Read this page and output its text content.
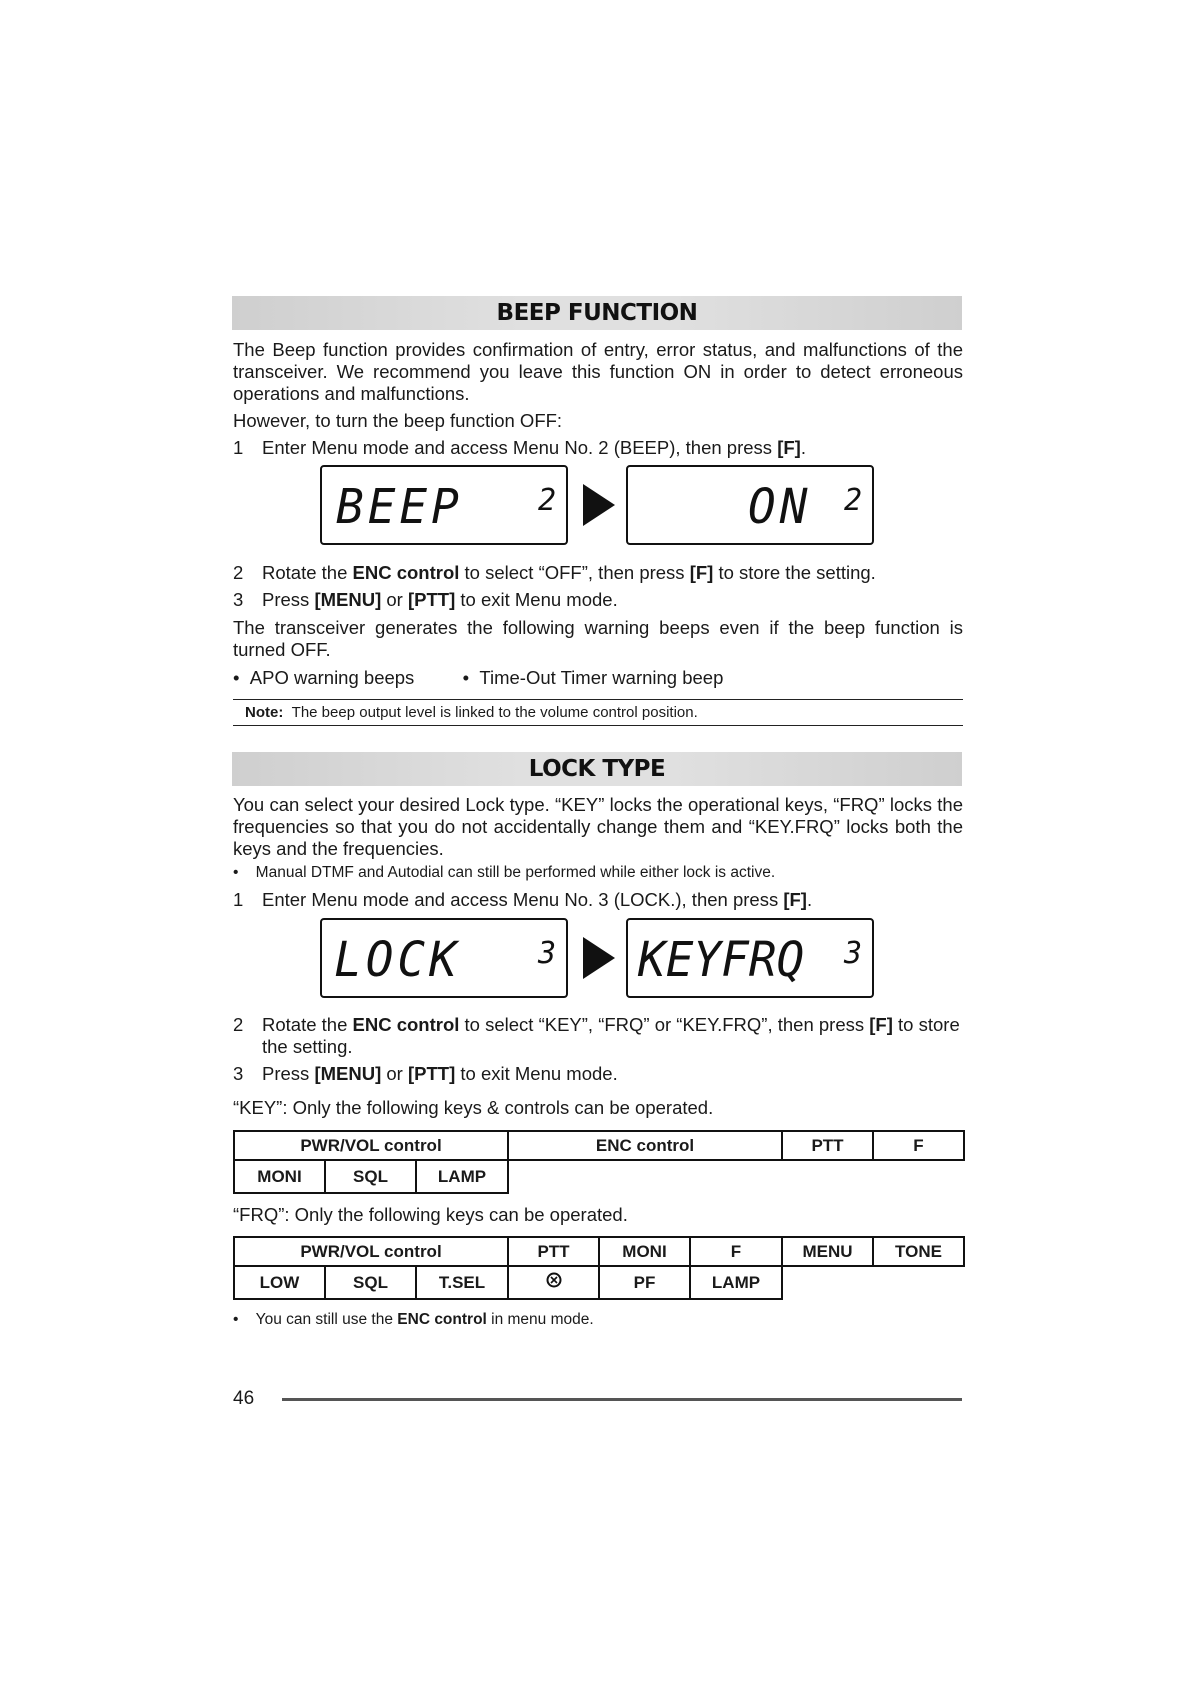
BEEP FUNCTION
The Beep function provides confirmation of entry, error status, and malfunctions of the transceiver. We recommend you leave this function ON in order to detect erroneous operations and malfunctions.
However, to turn the beep function OFF:
1	Enter Menu mode and access Menu No. 2 (BEEP), then press [F].
BEEP	2	ON 2
2	Rotate the ENC control to select “OFF”, then press [F] to store the setting.
3	Press [MENU] or [PTT] to exit Menu mode.
The transceiver generates the following warning beeps even if the beep function is turned OFF.
• APO warning beeps	• Time-Out Timer warning beep
Note: The beep output level is linked to the volume control position.
LOCK TYPE
You can select your desired Lock type. “KEY” locks the operational keys, “FRQ” locks the frequencies so that you do not accidentally change them and “KEY.FRQ” locks both the keys and the frequencies.
• Manual DTMF and Autodial can still be performed while either lock is active.
1	Enter Menu mode and access Menu No. 3 (LOCK.), then press [F].
LOCK	3 KEYFRQ 3
2	Rotate the ENC control to select “KEY”, “FRQ” or “KEY.FRQ”, then press [F] to store the setting.
3	Press [MENU] or [PTT] to exit Menu mode.
“KEY”: Only the following keys & controls can be operated.
PWR/VOL control			ENC control	PTT	F
MONI	SQL	LAMP			
“FRQ”: Only the following keys can be operated.
PWR/VOL control			PTT	MONI	F	MENU	TONE
LOW	SQL	T.SEL		PF	LAMP		
• You can still use the ENC control in menu mode.
46
